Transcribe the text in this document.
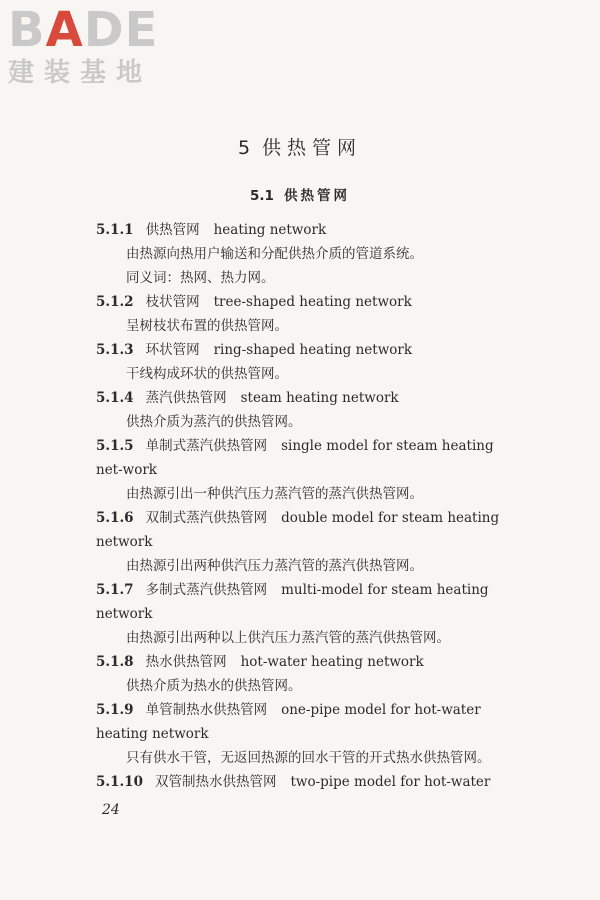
B A D E
建装基地
5 供热管网
5.1 供热管网

5.1.1 供热管网 heating network

由热源向热用户输送和分配供热介质的管道系统。

同义词：热网、热力网。

5.1.2 枝状管网 tree-shaped heating network

呈树枝状布置的供热管网。

5.1.3 环状管网 ring-shaped heating network

干线构成环状的供热管网。

5.1.4 蒸汽供热管网 steam heating network

供热介质为蒸汽的供热管网。

5.1.5 单制式蒸汽供热管网 single model for steam heating net-work

由热源引出一种供汽压力蒸汽管的蒸汽供热管网。

5.1.6 双制式蒸汽供热管网 double model for steam heating network

由热源引出两种供汽压力蒸汽管的蒸汽供热管网。

5.1.7 多制式蒸汽供热管网 multi-model for steam heating network

由热源引出两种以上供汽压力蒸汽管的蒸汽供热管网。

5.1.8 热水供热管网 hot-water heating network

供热介质为热水的供热管网。

5.1.9 单管制热水供热管网 one-pipe model for hot-water heating network

只有供水干管，无返回热源的回水干管的开式热水供热管网。

5.1.10 双管制热水供热管网 two-pipe model for hot-water

24
